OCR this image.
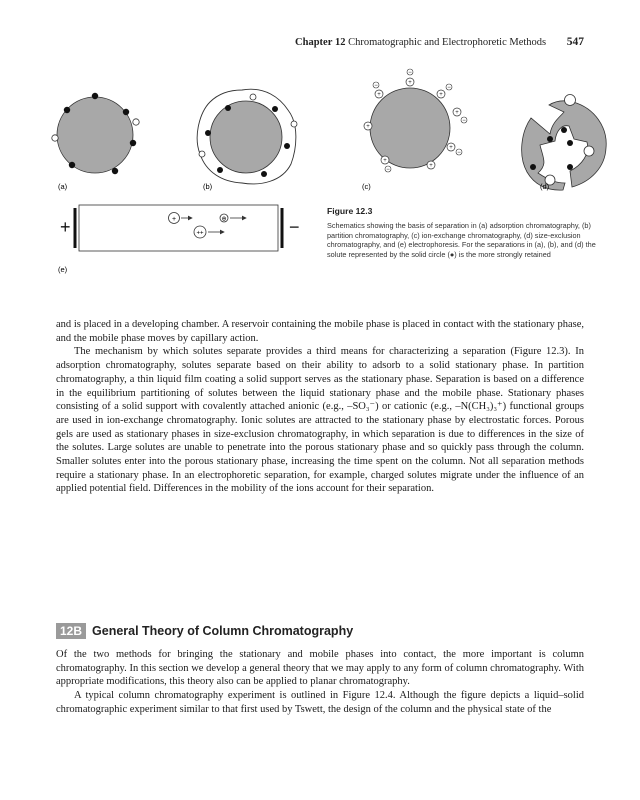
Chapter 12 Chromatographic and Electrophoretic Methods 547
(a)	(b)
+
−
+
−
+
−
+
+
−
+
−
+
−
+
(c)	(d)
+	−
+	⊕
++
(e)
Figure 12.3
Schematics showing the basis of separation in (a) adsorption chromatography, (b) partition chromatography, (c) ion-exchange chromatography, (d) size-exclusion chromatography, and (e) electrophoresis. For the separations in (a), (b), and (d) the solute represented by the solid circle (●) is the more strongly retained

and is placed in a developing chamber. A reservoir containing the mobile phase is placed in contact with the stationary phase, and the mobile phase moves by capillary action.

The mechanism by which solutes separate provides a third means for characterizing a separation (Figure 12.3). In adsorption chromatography, solutes separate based on their ability to adsorb to a solid stationary phase. In partition chromatography, a thin liquid film coating a solid support serves as the stationary phase. Separation is based on a difference in the equilibrium partitioning of solutes between the liquid stationary phase and the mobile phase. Stationary phases consisting of a solid support with covalently attached anionic (e.g., –SO₃⁻) or cationic (e.g., –N(CH₃)₃⁺) functional groups are used in ion-exchange chromatography. Ionic solutes are attracted to the stationary phase by electrostatic forces. Porous gels are used as stationary phases in size-exclusion chromatography, in which separation is due to differences in the size of the solutes. Large solutes are unable to penetrate into the porous stationary phase and so quickly pass through the column. Smaller solutes enter into the porous stationary phase, increasing the time spent on the column. Not all separation methods require a stationary phase. In an electrophoretic separation, for example, charged solutes migrate under the influence of an applied potential field. Differences in the mobility of the ions account for their separation.

12B General Theory of Column Chromatography

Of the two methods for bringing the stationary and mobile phases into contact, the more important is column chromatography. In this section we develop a general theory that we may apply to any form of column chromatography. With appropriate modifications, this theory also can be applied to planar chromatography.

A typical column chromatography experiment is outlined in Figure 12.4. Although the figure depicts a liquid–solid chromatographic experiment similar to that first used by Tswett, the design of the column and the physical state of the
